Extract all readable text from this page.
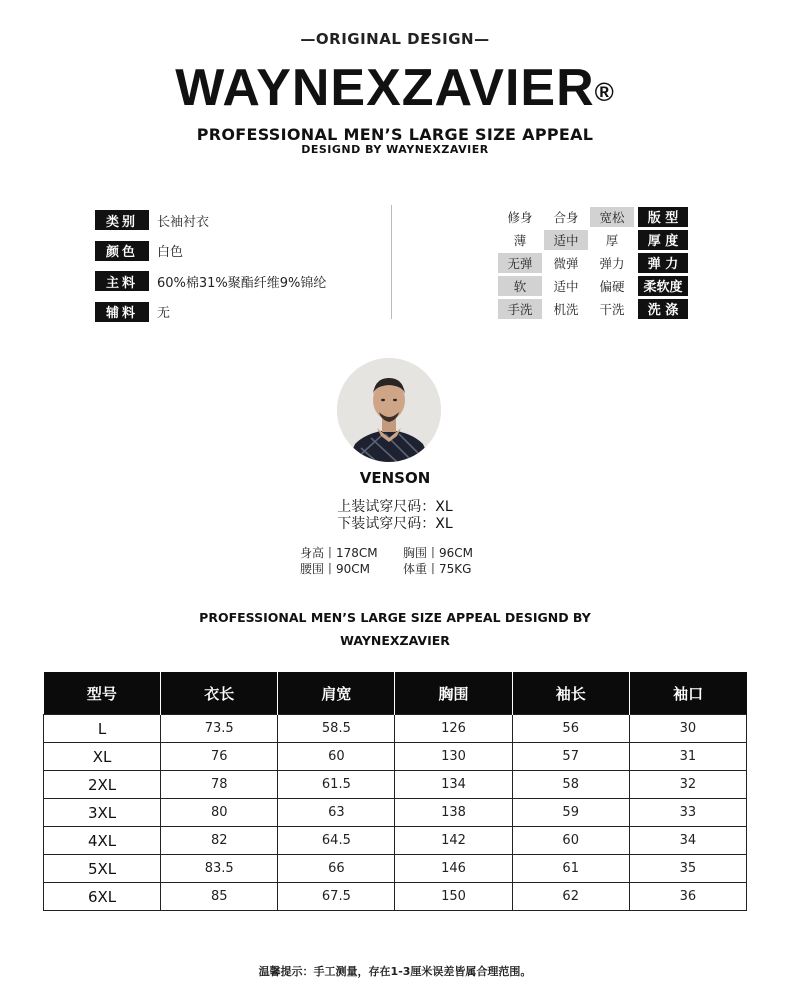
—ORIGINAL DESIGN—
WAYNEXZAVIER®
PROFESSIONAL MEN’S LARGE SIZE APPEAL
DESIGND BY WAYNEXZAVIER
类别	长袖衬衣
颜色	白色
主料	60%棉31%聚酯纤维9%锦纶
辅料	无
修身	合身	宽松	版 型
薄	适中	厚	厚 度
无弹	微弹	弹力	弹 力
软	适中	偏硬	柔软度
手洗	机洗	干洗	洗 涤
VENSON
上装试穿尺码：XL
下装试穿尺码：XL
身高丨178CM 胸围丨96CM
腰围丨90CM	体重丨75KG
PROFESSIONAL MEN’S LARGE SIZE APPEAL DESIGND BY
WAYNEXZAVIER
型号	衣长	肩宽	胸围	袖长	袖口
L	73.5	58.5	126	56	30
XL	76	60	130	57	31
2XL	78	61.5	134	58	32
3XL	80	63	138	59	33
4XL	82	64.5	142	60	34
5XL	83.5	66	146	61	35
6XL	85	67.5	150	62	36
温馨提示：手工测量，存在1-3厘米误差皆属合理范围。
